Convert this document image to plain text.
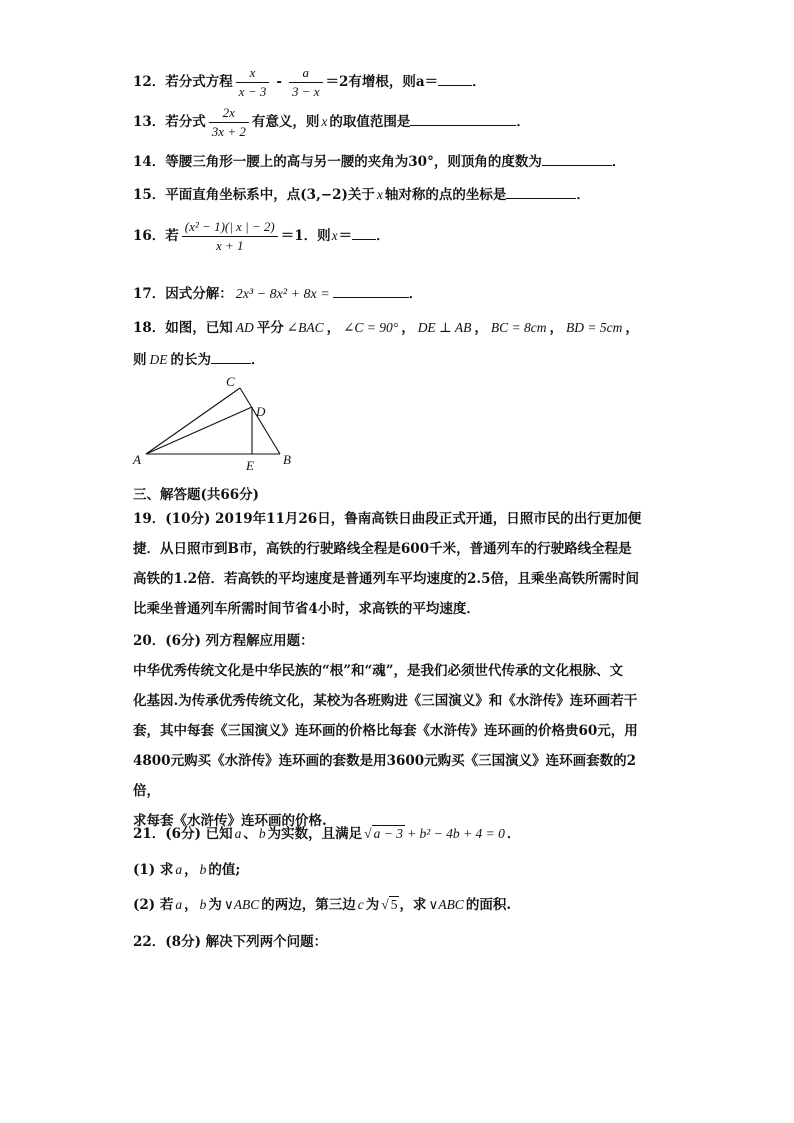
12．若分式方程 $\frac{x}{x - 3} - \frac{a}{3 - x} =2$有增根，则a＝	．
13．若分式 $\frac{2x}{3x + 2}$ 有意义，则 x 的取值范围是	．
14．等腰三角形一腰上的高与另一腰的夹角为30°，则顶角的度数为	．
15．平面直角坐标系中，点(3,−2)关于 x 轴对称的点的坐标是	．
16．若 $\frac{\text{(x² − 1)(| x | − 2)}}{x + 1} =1$．则x＝ ．
17．因式分解： 2x³ − 8x² + 8x =	．
18．如图，已知 AD 平分 ∠BAC ， ∠C = 90° ， DE ⊥ AB ， BC = 8cm ， BD = 5cm ，
则 DE 的长为	．
A	B
C
D
E
三、解答题(共66分)
19．(10分) 2019年11月26日，鲁南高铁日曲段正式开通，日照市民的出行更加便
捷．从日照市到B市，高铁的行驶路线全程是600千米，普通列车的行驶路线全程是
高铁的1.2倍．若高铁的平均速度是普通列车平均速度的2.5倍，且乘坐高铁所需时间
比乘坐普通列车所需时间节省4小时，求高铁的平均速度．
20．(6分) 列方程解应用题：
中华优秀传统文化是中华民族的“根”和“魂”，是我们必须世代传承的文化根脉、文
化基因.为传承优秀传统文化，某校为各班购进《三国演义》和《水浒传》连环画若干
套，其中每套《三国演义》连环画的价格比每套《水浒传》连环画的价格贵60元，用
4800元购买《水浒传》连环画的套数是用3600元购买《三国演义》连环画套数的2倍，
求每套《水浒传》连环画的价格.
21．(6分) 已知 a 、 b 为实数，且满足 √ a − 3 + b² − 4b + 4 = 0 ．
(1) 求 a ， b 的值;
(2) 若 a ， b 为 ∨ABC 的两边，第三边 c 为 √ 5 ，求 ∨ABC 的面积.
22．(8分) 解决下列两个问题：
